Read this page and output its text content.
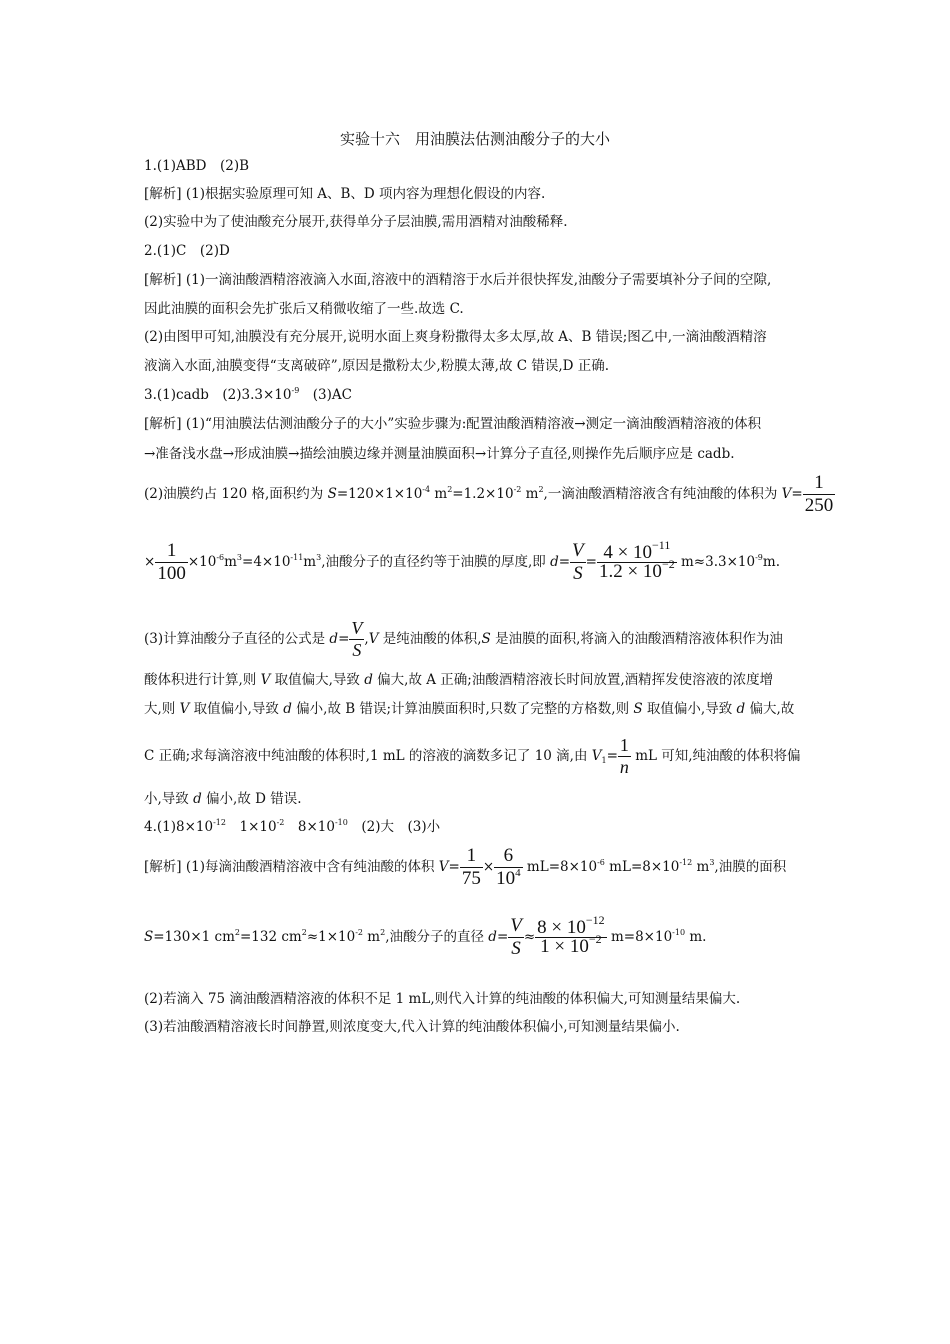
实验十六　用油膜法估测油酸分子的大小
1.(1)ABD　(2)B
[解析] (1)根据实验原理可知 A、B、D 项内容为理想化假设的内容.
(2)实验中为了使油酸充分展开,获得单分子层油膜,需用酒精对油酸稀释.
2.(1)C　(2)D
[解析] (1)一滴油酸酒精溶液滴入水面,溶液中的酒精溶于水后并很快挥发,油酸分子需要填补分子间的空隙,
因此油膜的面积会先扩张后又稍微收缩了一些.故选 C.
(2)由图甲可知,油膜没有充分展开,说明水面上爽身粉撒得太多太厚,故 A、B 错误;图乙中,一滴油酸酒精溶
液滴入水面,油膜变得“支离破碎”,原因是撒粉太少,粉膜太薄,故 C 错误,D 正确.
3.(1)cadb　$(2)3.3\times 10^{-9}$　(3)AC
[解析] (1)“用油膜法估测油酸分子的大小”实验步骤为:配置油酸酒精溶液→测定一滴油酸酒精溶液的体积
→准备浅水盘→形成油膜→描绘油膜边缘并测量油膜面积→计算分子直径,则操作先后顺序应是 cadb.
(2)油膜约占 120 格,面积约为 $S=120\times 1\times 10^{-4}$ $m^2=1.2\times 10^{-2}$ $m^2$,一滴油酸酒精溶液含有纯油酸的体积为 $V= \frac{1}{250}$
× $\frac{1}{100} \times 10^{-6}m^3=4\times 10^{-11}m^3$,油酸分子的直径约等于油膜的厚度,即 $d= \frac{V}{S} = \frac{4 \times 10^{-11}}{1.2 \times 10^{-2}} m\approx 3.3\times 10^{-9}m$.
(3)计算油酸分子直径的公式是 $d= \frac{V}{S} ,V$ 是纯油酸的体积,S 是油膜的面积,将滴入的油酸酒精溶液体积作为油
酸体积进行计算,则 V 取值偏大,导致 d 偏大,故 A 正确;油酸酒精溶液长时间放置,酒精挥发使溶液的浓度增
大,则 V 取值偏小,导致 d 偏小,故 B 错误;计算油膜面积时,只数了完整的方格数,则 S 取值偏小,导致 d 偏大,故
C 正确;求每滴溶液中纯油酸的体积时,1 mL 的溶液的滴数多记了 10 滴,由 $V_1= \frac{1}{n}$ mL 可知,纯油酸的体积将偏
小,导致 d 偏小,故 D 错误.
$4.(1)8\times 10^{-12}$　$1\times 10^{-2}$　$8\times 10^{-10}$　(2)大　(3)小
[解析] (1)每滴油酸酒精溶液中含有纯油酸的体积 $V= \frac{1}{75} \times \frac{6}{10^4} mL=8\times 10^{-6}$ $mL=8\times 10^{-12}$ $m^3$,油膜的面积
S=130×1 $cm^2=132$ $cm^2\approx 1\times 10^{-2}$ $m^2$,油酸分子的直径 $d= \frac{V}{S} \approx \frac{8 \times 10^{-12}}{1 \times 10^{-2}} m=8\times 10^{-10}$ m.
(2)若滴入 75 滴油酸酒精溶液的体积不足 1 mL,则代入计算的纯油酸的体积偏大,可知测量结果偏大.
(3)若油酸酒精溶液长时间静置,则浓度变大,代入计算的纯油酸体积偏小,可知测量结果偏小.
